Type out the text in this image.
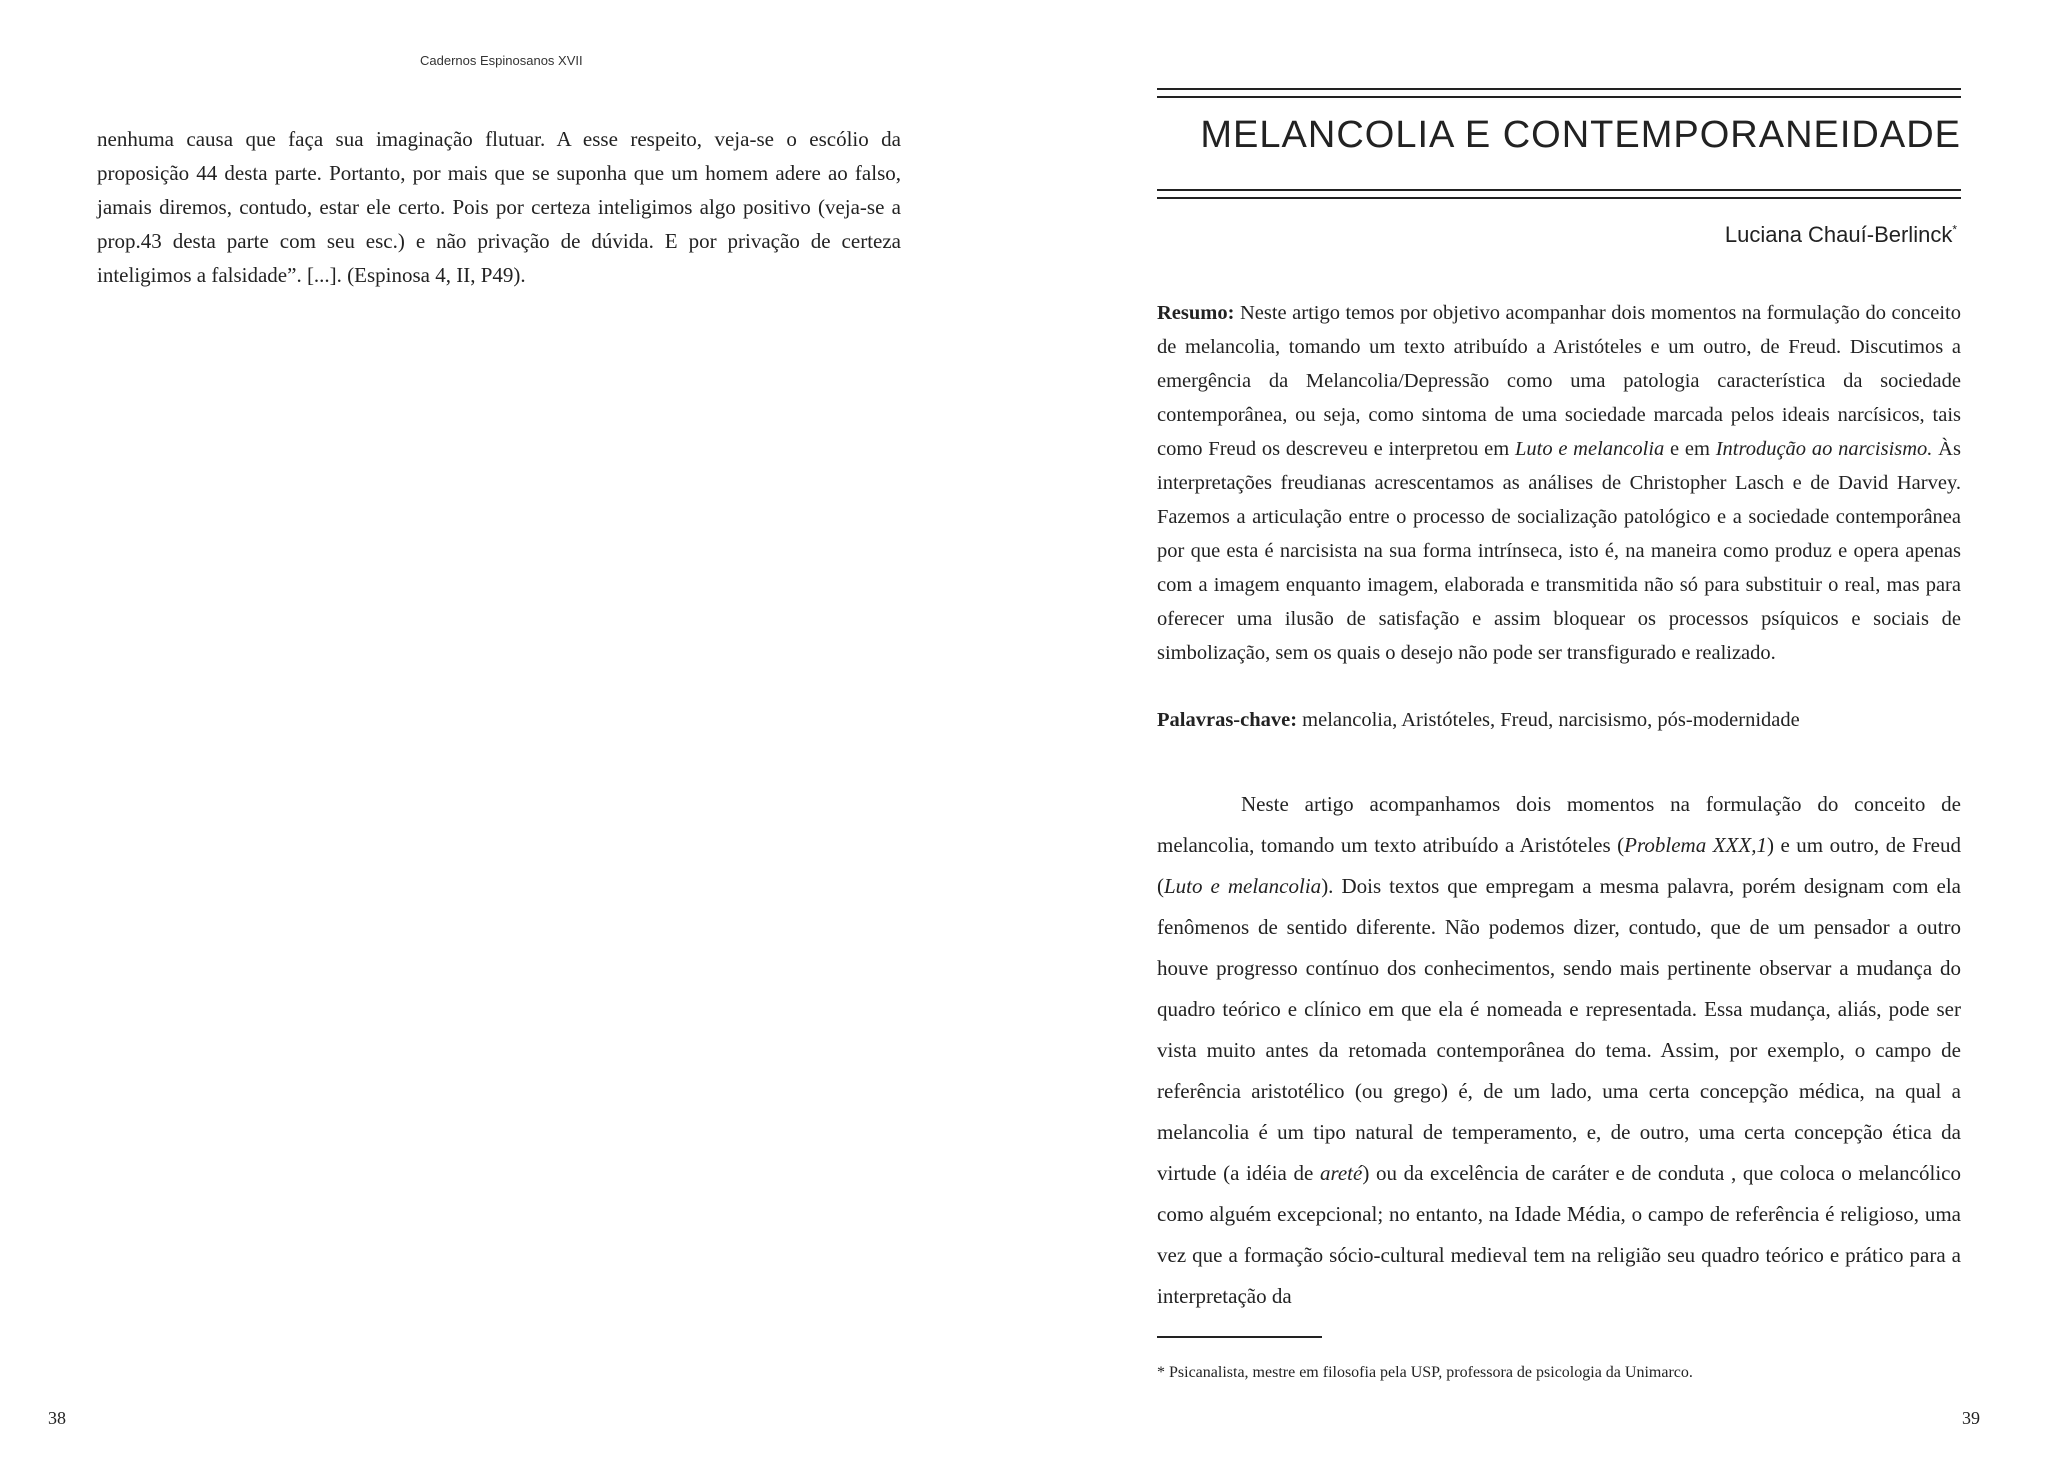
Cadernos Espinosanos XVII

nenhuma causa que faça sua imaginação flutuar. A esse respeito, veja-se o escólio da proposição 44 desta parte. Portanto, por mais que se suponha que um homem adere ao falso, jamais diremos, contudo, estar ele certo. Pois por certeza inteligimos algo positivo (veja-se a prop.43 desta parte com seu esc.) e não privação de dúvida. E por privação de certeza inteligimos a falsidade”. [...]. (Espinosa 4, II, P49).

38
MELANCOLIA E CONTEMPORANEIDADE
Luciana Chauí-Berlinck*

Resumo: Neste artigo temos por objetivo acompanhar dois momentos na formulação do conceito de melancolia, tomando um texto atribuído a Aristóteles e um outro, de Freud. Discutimos a emergência da Melancolia/Depressão como uma patologia característica da sociedade contemporânea, ou seja, como sintoma de uma sociedade marcada pelos ideais narcísicos, tais como Freud os descreveu e interpretou em Luto e melancolia e em Introdução ao narcisismo. Às interpretações freudianas acrescentamos as análises de Christopher Lasch e de David Harvey. Fazemos a articulação entre o processo de socialização patológico e a sociedade contemporânea por que esta é narcisista na sua forma intrínseca, isto é, na maneira como produz e opera apenas com a imagem enquanto imagem, elaborada e transmitida não só para substituir o real, mas para oferecer uma ilusão de satisfação e assim bloquear os processos psíquicos e sociais de simbolização, sem os quais o desejo não pode ser transfigurado e realizado.

Palavras-chave: melancolia, Aristóteles, Freud, narcisismo, pós-modernidade

Neste artigo acompanhamos dois momentos na formulação do conceito de melancolia, tomando um texto atribuído a Aristóteles (Problema XXX,1) e um outro, de Freud (Luto e melancolia). Dois textos que empregam a mesma palavra, porém designam com ela fenômenos de sentido diferente. Não podemos dizer, contudo, que de um pensador a outro houve progresso contínuo dos conhecimentos, sendo mais pertinente observar a mudança do quadro teórico e clínico em que ela é nomeada e representada. Essa mudança, aliás, pode ser vista muito antes da retomada contemporânea do tema. Assim, por exemplo, o campo de referência aristotélico (ou grego) é, de um lado, uma certa concepção médica, na qual a melancolia é um tipo natural de temperamento, e, de outro, uma certa concepção ética da virtude (a idéia de areté) ou da excelência de caráter e de conduta , que coloca o melancólico como alguém excepcional; no entanto, na Idade Média, o campo de referência é religioso, uma vez que a formação sócio-cultural medieval tem na religião seu quadro teórico e prático para a interpretação da

* Psicanalista, mestre em filosofia pela USP, professora de psicologia da Unimarco.

39
